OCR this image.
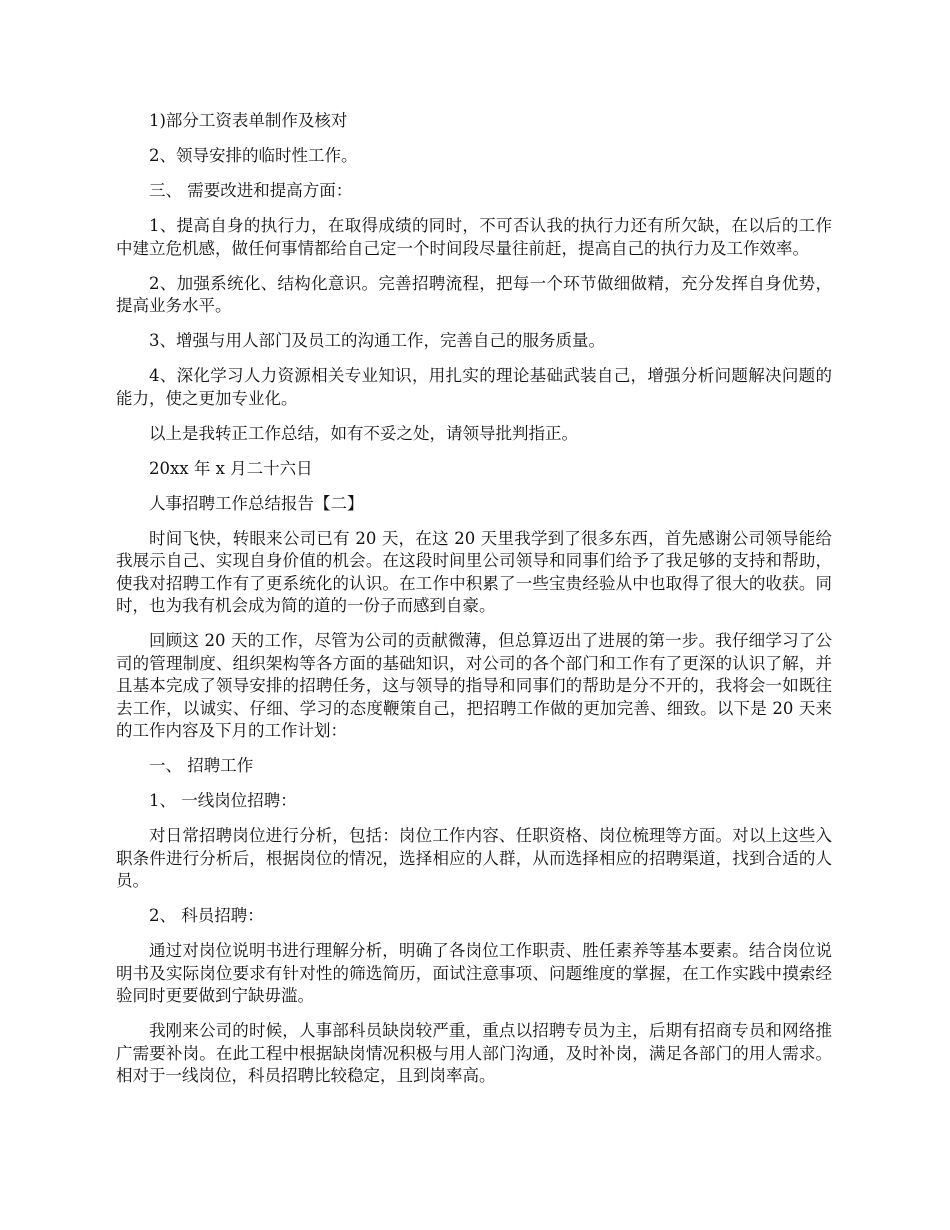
1)部分工资表单制作及核对

2、领导安排的临时性工作。

三、 需要改进和提高方面：

1、提高自身的执行力，在取得成绩的同时，不可否认我的执行力还有所欠缺，在以后的工作中建立危机感，做任何事情都给自己定一个时间段尽量往前赶，提高自己的执行力及工作效率。

2、加强系统化、结构化意识。完善招聘流程，把每一个环节做细做精，充分发挥自身优势，提高业务水平。

3、增强与用人部门及员工的沟通工作，完善自己的服务质量。

4、深化学习人力资源相关专业知识，用扎实的理论基础武装自己，增强分析问题解决问题的能力，使之更加专业化。

以上是我转正工作总结，如有不妥之处，请领导批判指正。

20xx 年 x 月二十六日

人事招聘工作总结报告【二】

时间飞快，转眼来公司已有 20 天，在这 20 天里我学到了很多东西，首先感谢公司领导能给我展示自己、实现自身价值的机会。在这段时间里公司领导和同事们给予了我足够的支持和帮助，使我对招聘工作有了更系统化的认识。在工作中积累了一些宝贵经验从中也取得了很大的收获。同时，也为我有机会成为简的道的一份子而感到自豪。

回顾这 20 天的工作，尽管为公司的贡献微薄，但总算迈出了进展的第一步。我仔细学习了公司的管理制度、组织架构等各方面的基础知识，对公司的各个部门和工作有了更深的认识了解，并且基本完成了领导安排的招聘任务，这与领导的指导和同事们的帮助是分不开的，我将会一如既往去工作，以诚实、仔细、学习的态度鞭策自己，把招聘工作做的更加完善、细致。以下是 20 天来的工作内容及下月的工作计划：

一、 招聘工作

1、 一线岗位招聘：

对日常招聘岗位进行分析，包括：岗位工作内容、任职资格、岗位梳理等方面。对以上这些入职条件进行分析后，根据岗位的情况，选择相应的人群，从而选择相应的招聘渠道，找到合适的人员。

2、 科员招聘：

通过对岗位说明书进行理解分析，明确了各岗位工作职责、胜任素养等基本要素。结合岗位说明书及实际岗位要求有针对性的筛选简历，面试注意事项、问题维度的掌握，在工作实践中摸索经验同时更要做到宁缺毋滥。

我刚来公司的时候，人事部科员缺岗较严重，重点以招聘专员为主，后期有招商专员和网络推广需要补岗。在此工程中根据缺岗情况积极与用人部门沟通，及时补岗，满足各部门的用人需求。相对于一线岗位，科员招聘比较稳定，且到岗率高。
